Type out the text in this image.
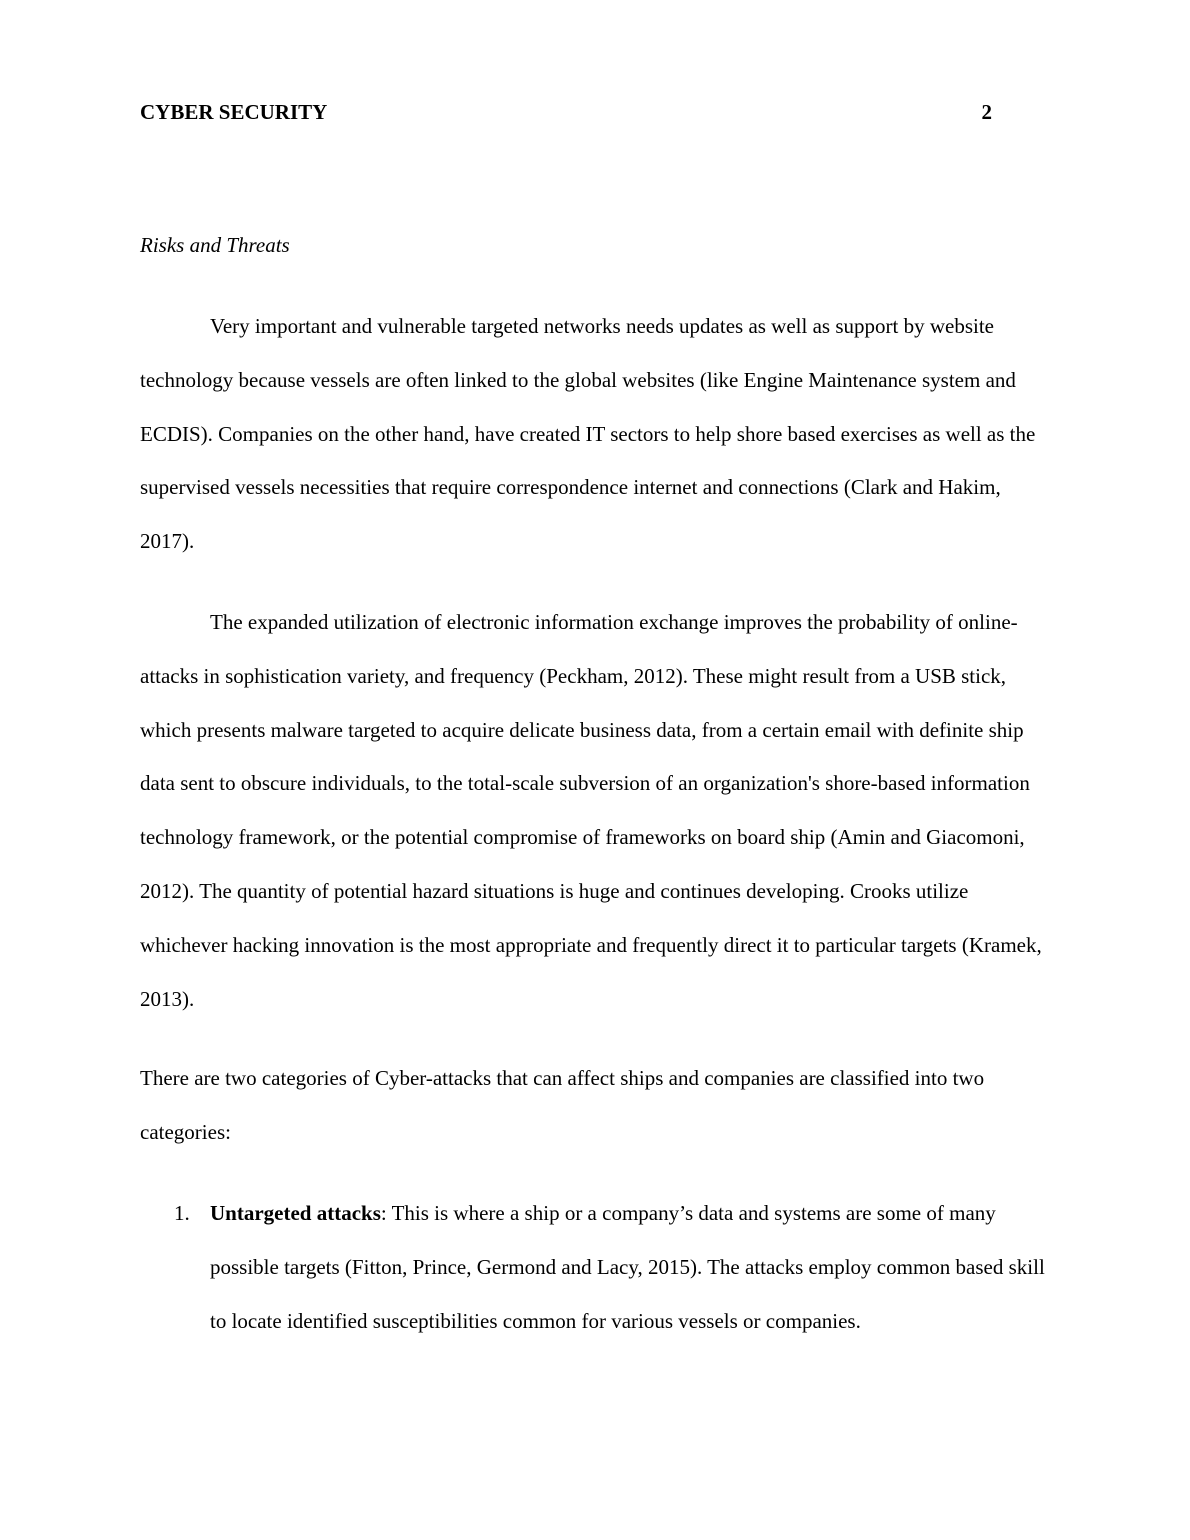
CYBER SECURITY	2
Risks and Threats

Very important and vulnerable targeted networks needs updates as well as support by website technology because vessels are often linked to the global websites (like Engine Maintenance system and ECDIS). Companies on the other hand, have created IT sectors to help shore based exercises as well as the supervised vessels necessities that require correspondence internet and connections (Clark and Hakim, 2017).

The expanded utilization of electronic information exchange improves the probability of online-attacks in sophistication variety, and frequency (Peckham, 2012). These might result from a USB stick, which presents malware targeted to acquire delicate business data, from a certain email with definite ship data sent to obscure individuals, to the total-scale subversion of an organization's shore-based information technology framework, or the potential compromise of frameworks on board ship (Amin and Giacomoni, 2012). The quantity of potential hazard situations is huge and continues developing. Crooks utilize whichever hacking innovation is the most appropriate and frequently direct it to particular targets (Kramek, 2013).

There are two categories of Cyber-attacks that can affect ships and companies are classified into two categories:

1. Untargeted attacks: This is where a ship or a company’s data and systems are some of many possible targets (Fitton, Prince, Germond and Lacy, 2015). The attacks employ common based skill to locate identified susceptibilities common for various vessels or companies.
